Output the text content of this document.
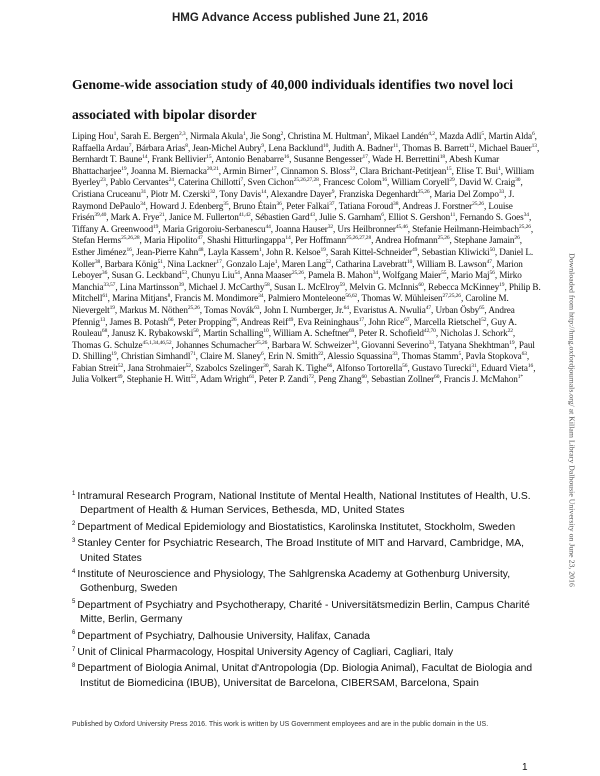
HMG Advance Access published June 21, 2016
Genome-wide association study of 40,000 individuals identifies two novel loci associated with bipolar disorder
Liping Hou$^1$, Sarah E. Bergen$^{2,3}$, Nirmala Akula$^1$, Jie Song$^2$, Christina M. Hultman$^2$, Mikael Landén$^{4,2}$, Mazda Adli$^5$, Martin Alda$^6$, Raffaella Ardau$^7$, Bárbara Arias$^8$, Jean-Michel Aubry$^9$, Lena Backlund$^{10}$, Judith A. Badner$^{11}$, Thomas B. Barrett$^{12}$, Michael Bauer$^{13}$, Bernhardt T. Baune$^{14}$, Frank Bellivier$^{15}$, Antonio Benabarre$^{16}$, Susanne Bengesser$^{17}$, Wade H. Berrettini$^{18}$, Abesh Kumar Bhattacharjee$^{19}$, Joanna M. Biernacka$^{20,21}$, Armin Birner$^{17}$, Cinnamon S. Bloss$^{22}$, Clara Brichant-Petitjean$^{15}$, Elise T. Bui$^1$, William Byerley$^{23}$, Pablo Cervantes$^{24}$, Caterina Chillotti$^7$, Sven Cichon$^{25,26,27,28}$, Francesc Colom$^{16}$, William Coryell$^{29}$, David W. Craig$^{30}$, Cristiana Cruceanu$^{31}$, Piotr M. Czerski$^{32}$, Tony Davis$^{14}$, Alexandre Dayer$^9$, Franziska Degenhardt$^{25,26}$, Maria Del Zompo$^{33}$, J. Raymond DePaulo$^{34}$, Howard J. Edenberg$^{35}$, Bruno Étain$^{36}$, Peter Falkai$^{37}$, Tatiana Foroud$^{38}$, Andreas J. Forstner$^{25,26}$, Louise Frisén$^{39,40}$, Mark A. Frye$^{21}$, Janice M. Fullerton$^{41,42}$, Sébastien Gard$^{43}$, Julie S. Garnham$^6$, Elliot S. Gershon$^{11}$, Fernando S. Goes$^{34}$, Tiffany A. Greenwood$^{19}$, Maria Grigoroiu-Serbanescu$^{44}$, Joanna Hauser$^{32}$, Urs Heilbronner$^{45,46}$, Stefanie Heilmann-Heimbach$^{25,26}$, Stefan Herms$^{25,26,28}$, Maria Hipolito$^{47}$, Shashi Hitturlingappa$^{14}$, Per Hoffmann$^{25,26,27,28}$, Andrea Hofmann$^{25,26}$, Stephane Jamain$^{26}$, Esther Jiménez$^{16}$, Jean-Pierre Kahn$^{48}$, Layla Kassem$^1$, John R. Kelsoe$^{19}$, Sarah Kittel-Schneider$^{49}$, Sebastian Kliwicki$^{50}$, Daniel L. Koller$^{38}$, Barbara König$^{51}$, Nina Lackner$^{17}$, Gonzalo Laje$^1$, Maren Lang$^{52}$, Catharina Lavebratt$^{10}$, William B. Lawson$^{47}$, Marion Leboyer$^{36}$, Susan G. Leckband$^{53}$, Chunyu Liu$^{54}$, Anna Maaser$^{25,26}$, Pamela B. Mahon$^{34}$, Wolfgang Maier$^{55}$, Mario Maj$^{56}$, Mirko Manchia$^{33,57}$, Lina Martinsson$^{39}$, Michael J. McCarthy$^{58}$, Susan L. McElroy$^{59}$, Melvin G. McInnis$^{60}$, Rebecca McKinney$^{19}$, Philip B. Mitchell$^{61}$, Marina Mitjans$^8$, Francis M. Mondimore$^{34}$, Palmiero Monteleone$^{56,62}$, Thomas W. Mühleisen$^{27,25,26}$, Caroline M. Nievergelt$^{19}$, Markus M. Nöthen$^{25,26}$, Tomas Novák$^{63}$, John I. Nurnberger, Jr.$^{64}$, Evaristus A. Nwulia$^{47}$, Urban Ösby$^{65}$, Andrea Pfennig$^{13}$, James B. Potash$^{66}$, Peter Propping$^{26}$, Andreas Reif$^{49}$, Eva Reininghaus$^{17}$, John Rice$^{67}$, Marcella Rietschel$^{52}$, Guy A. Rouleau$^{68}$, Janusz K. Rybakowski$^{50}$, Martin Schalling$^{10}$, William A. Scheftner$^{69}$, Peter R. Schofield$^{42,70}$, Nicholas J. Schork$^{22}$, Thomas G. Schulze$^{45,1,34,46,52}$, Johannes Schumacher$^{25,26}$, Barbara W. Schweizer$^{34}$, Giovanni Severino$^{33}$, Tatyana Shekhtman$^{19}$, Paul D. Shilling$^{19}$, Christian Simhandl$^{71}$, Claire M. Slaney$^6$, Erin N. Smith$^{22}$, Alessio Squassina$^{33}$, Thomas Stamm$^5$, Pavla Stopkova$^{63}$, Fabian Streit$^{52}$, Jana Strohmaier$^{52}$, Szabolcs Szelinger$^{30}$, Sarah K. Tighe$^{66}$, Alfonso Tortorella$^{56}$, Gustavo Turecki$^{31}$, Eduard Vieta$^{16}$, Julia Volkert$^{49}$, Stephanie H. Witt$^{52}$, Adam Wright$^{61}$, Peter P. Zandi$^{72}$, Peng Zhang$^{60}$, Sebastian Zollner$^{60}$, Francis J. McMahon$^{1*}$
$^1$ Intramural Research Program, National Institute of Mental Health, National Institutes of Health, U.S. Department of Health & Human Services, Bethesda, MD, United States
$^2$ Department of Medical Epidemiology and Biostatistics, Karolinska Institutet, Stockholm, Sweden
$^3$ Stanley Center for Psychiatric Research, The Broad Institute of MIT and Harvard, Cambridge, MA, United States
$^4$ Institute of Neuroscience and Physiology, The Sahlgrenska Academy at Gothenburg University, Gothenburg, Sweden
$^5$ Department of Psychiatry and Psychotherapy, Charité - Universitätsmedizin Berlin, Campus Charité Mitte, Berlin, Germany
$^6$ Department of Psychiatry, Dalhousie University, Halifax, Canada
$^7$ Unit of Clinical Pharmacology, Hospital University Agency of Cagliari, Cagliari, Italy
$^8$ Department of Biologia Animal, Unitat d'Antropologia (Dp. Biologia Animal), Facultat de Biologia and Institut de Biomedicina (IBUB), Universitat de Barcelona, CIBERSAM, Barcelona, Spain
Published by Oxford University Press 2016. This work is written by US Government employees and are in the public domain in the US.
1
Downloaded from http://hmg.oxfordjournals.org/ at Killam Library Dalhousie University on June 23, 2016
